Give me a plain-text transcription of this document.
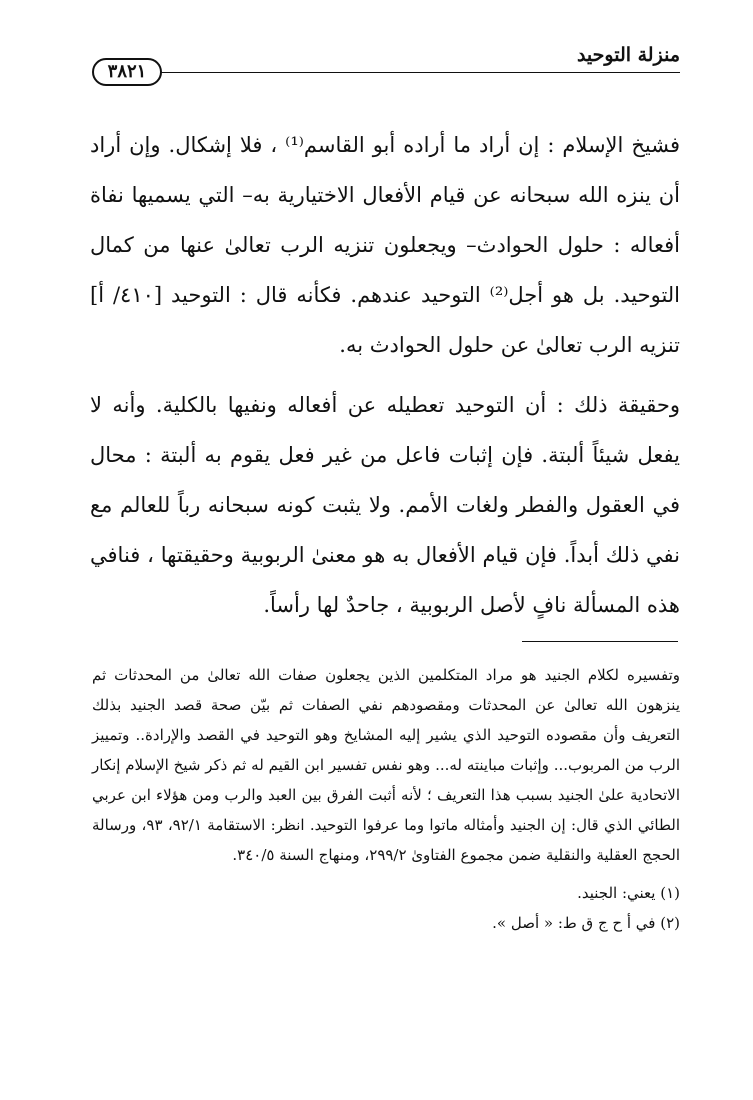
منزلة التوحيد
٣٨٢١

فشيخ الإسلام : إن أراد ما أراده أبو القاسم⁽¹⁾ ، فلا إشكال. وإن أراد أن ينزه الله سبحانه عن قيام الأفعال الاختيارية به– التي يسميها نفاة أفعاله : حلول الحوادث– ويجعلون تنزيه الرب تعالىٰ عنها من كمال التوحيد. بل هو أجل⁽²⁾ التوحيد عندهم. فكأنه قال : التوحيد [٤١٠/ أ] تنزيه الرب تعالىٰ عن حلول الحوادث به.

وحقيقة ذلك : أن التوحيد تعطيله عن أفعاله ونفيها بالكلية. وأنه لا يفعل شيئاً ألبتة. فإن إثبات فاعل من غير فعل يقوم به ألبتة : محال في العقول والفطر ولغات الأمم. ولا يثبت كونه سبحانه رباً للعالم مع نفي ذلك أبداً. فإن قيام الأفعال به هو معنىٰ الربوبية وحقيقتها ، فنافي هذه المسألة نافٍ لأصل الربوبية ، جاحدٌ لها رأساً.

وتفسيره لكلام الجنيد هو مراد المتكلمين الذين يجعلون صفات الله تعالىٰ من المحدثات ثم ينزهون الله تعالىٰ عن المحدثات ومقصودهم نفي الصفات ثم بيّن صحة قصد الجنيد بذلك التعريف وأن مقصوده التوحيد الذي يشير إليه المشايخ وهو التوحيد في القصد والإرادة.. وتمييز الرب من المربوب... وإثبات مباينته له... وهو نفس تفسير ابن القيم له ثم ذكر شيخ الإسلام إنكار الاتحادية علىٰ الجنيد بسبب هذا التعريف ؛ لأنه أثبت الفرق بين العبد والرب ومن هؤلاء ابن عربي الطائي الذي قال: إن الجنيد وأمثاله ماتوا وما عرفوا التوحيد. انظر: الاستقامة ٩٢/١، ٩٣، ورسالة الحجج العقلية والنقلية ضمن مجموع الفتاوىٰ ٢٩٩/٢، ومنهاج السنة ٣٤٠/٥.

(١) يعني: الجنيد.

(٢) في أ ح ج ق ط: « أصل ».
